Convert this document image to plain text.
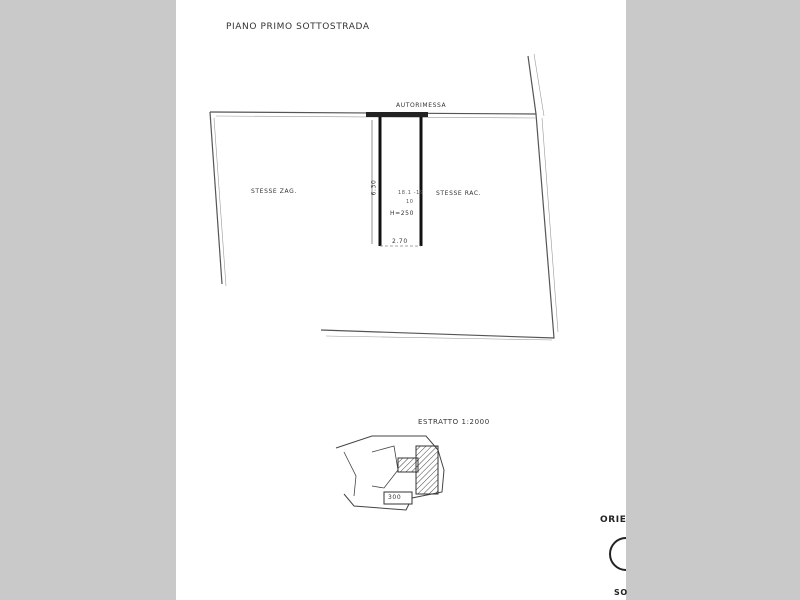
PIANO PRIMO SOTTOSTRADA
AUTORIMESSA
STESSE ZAG.	STESSE RAC.
18.1 -19
10
H=250
2.70
6.30
ESTRATTO 1:2000
300
ORIE
SO
